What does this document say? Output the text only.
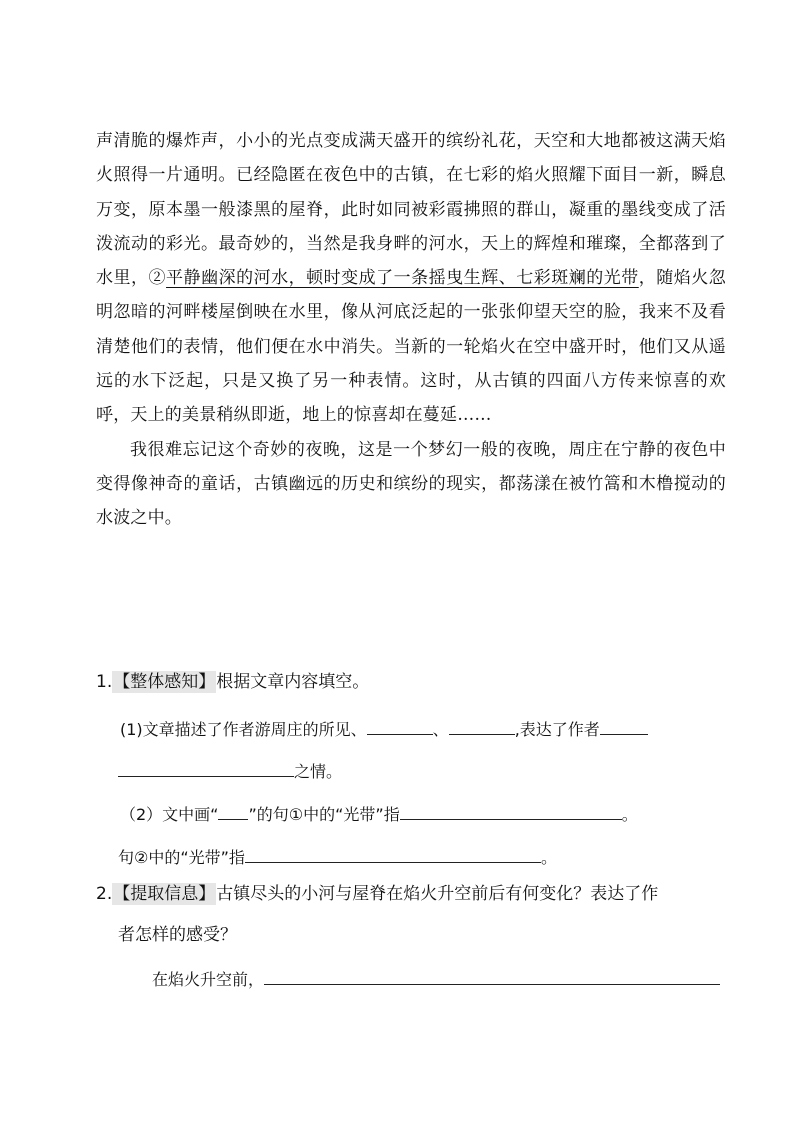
声清脆的爆炸声，小小的光点变成满天盛开的缤纷礼花，天空和大地都被这满天焰火照得一片通明。已经隐匿在夜色中的古镇，在七彩的焰火照耀下面目一新，瞬息万变，原本墨一般漆黑的屋脊，此时如同被彩霞拂照的群山，凝重的墨线变成了活泼流动的彩光。最奇妙的，当然是我身畔的河水，天上的辉煌和璀璨，全都落到了水里，②平静幽深的河水，顿时变成了一条摇曳生辉、七彩斑斓的光带，随焰火忽明忽暗的河畔楼屋倒映在水里，像从河底泛起的一张张仰望天空的脸，我来不及看清楚他们的表情，他们便在水中消失。当新的一轮焰火在空中盛开时，他们又从遥远的水下泛起，只是又换了另一种表情。这时，从古镇的四面八方传来惊喜的欢呼，天上的美景稍纵即逝，地上的惊喜却在蔓延……

我很难忘记这个奇妙的夜晚，这是一个梦幻一般的夜晚，周庄在宁静的夜色中变得像神奇的童话，古镇幽远的历史和缤纷的现实，都荡漾在被竹篙和木橹搅动的水波之中。

1.【整体感知】根据文章内容填空。
(1)文章描述了作者游周庄的所见、	、	,表达了作者
之情。
（2）文中画“ ”的句①中的“光带”指	。
句②中的“光带”指	。
2.【提取信息】古镇尽头的小河与屋脊在焰火升空前后有何变化？表达了作
者怎样的感受？
在焰火升空前，
